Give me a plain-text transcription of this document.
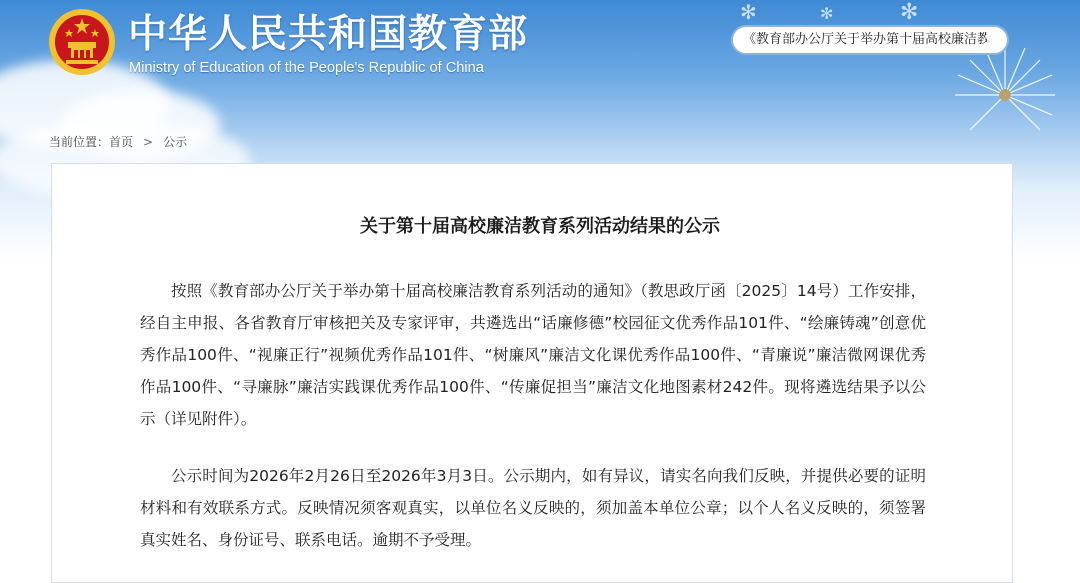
✻	✻	✻
中华人民共和国教育部
Ministry of Education of the People's Republic of China
《教育部办公厅关于举办第十届高校廉洁教
当前位置：首页 > 公示
关于第十届高校廉洁教育系列活动结果的公示
按照《教育部办公厅关于举办第十届高校廉洁教育系列活动的通知》（教思政厅函〔2025〕14号）工作安排，经自主申报、各省教育厅审核把关及专家评审，共遴选出“话廉修德”校园征文优秀作品101件、“绘廉铸魂”创意优秀作品100件、“视廉正行”视频优秀作品101件、“树廉风”廉洁文化课优秀作品100件、“青廉说”廉洁微网课优秀作品100件、“寻廉脉”廉洁实践课优秀作品100件、“传廉促担当”廉洁文化地图素材242件。现将遴选结果予以公示（详见附件）。
公示时间为2026年2月26日至2026年3月3日。公示期内，如有异议，请实名向我们反映，并提供必要的证明材料和有效联系方式。反映情况须客观真实，以单位名义反映的，须加盖本单位公章；以个人名义反映的，须签署真实姓名、身份证号、联系电话。逾期不予受理。
